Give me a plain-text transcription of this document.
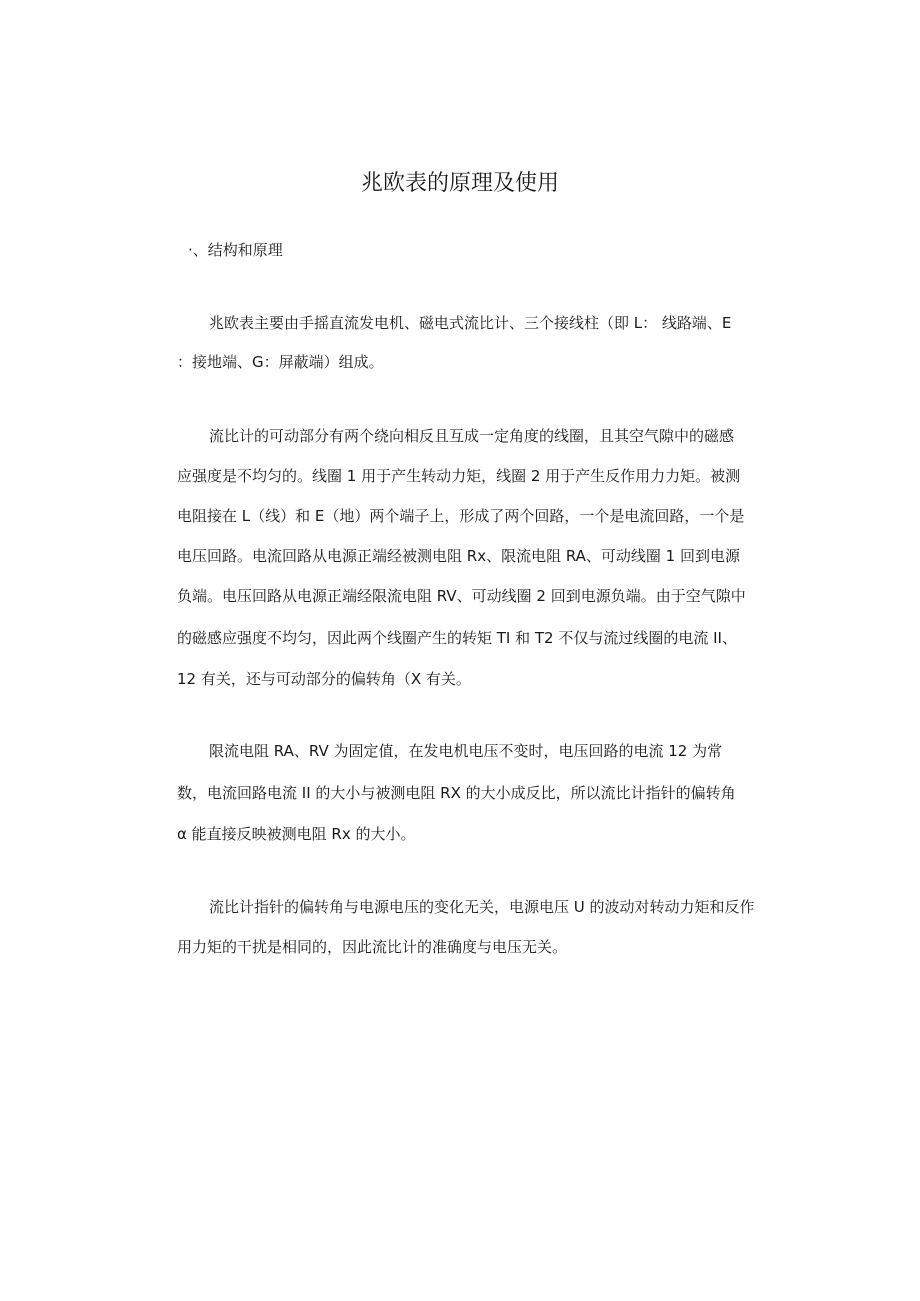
兆欧表的原理及使用
·、结构和原理
兆欧表主要由手摇直流发电机、磁电式流比计、三个接线柱（即 L： 线路端、E
：接地端、G：屏蔽端）组成。
流比计的可动部分有两个绕向相反且互成一定角度的线圈，且其空气隙中的磁感
应强度是不均匀的。线圈 1 用于产生转动力矩，线圈 2 用于产生反作用力力矩。被测
电阻接在 L（线）和 E（地）两个端子上，形成了两个回路，一个是电流回路，一个是
电压回路。电流回路从电源正端经被测电阻 Rx、限流电阻 RA、可动线圈 1 回到电源
负端。电压回路从电源正端经限流电阻 RV、可动线圈 2 回到电源负端。由于空气隙中
的磁感应强度不均匀，因此两个线圈产生的转矩 TI 和 T2 不仅与流过线圈的电流 II、
12 有关，还与可动部分的偏转角（X 有关。
限流电阻 RA、RV 为固定值，在发电机电压不变时，电压回路的电流 12 为常
数，电流回路电流 II 的大小与被测电阻 RX 的大小成反比，所以流比计指针的偏转角
α 能直接反映被测电阻 Rx 的大小。
流比计指针的偏转角与电源电压的变化无关，电源电压 U 的波动对转动力矩和反作
用力矩的干扰是相同的，因此流比计的准确度与电压无关。
